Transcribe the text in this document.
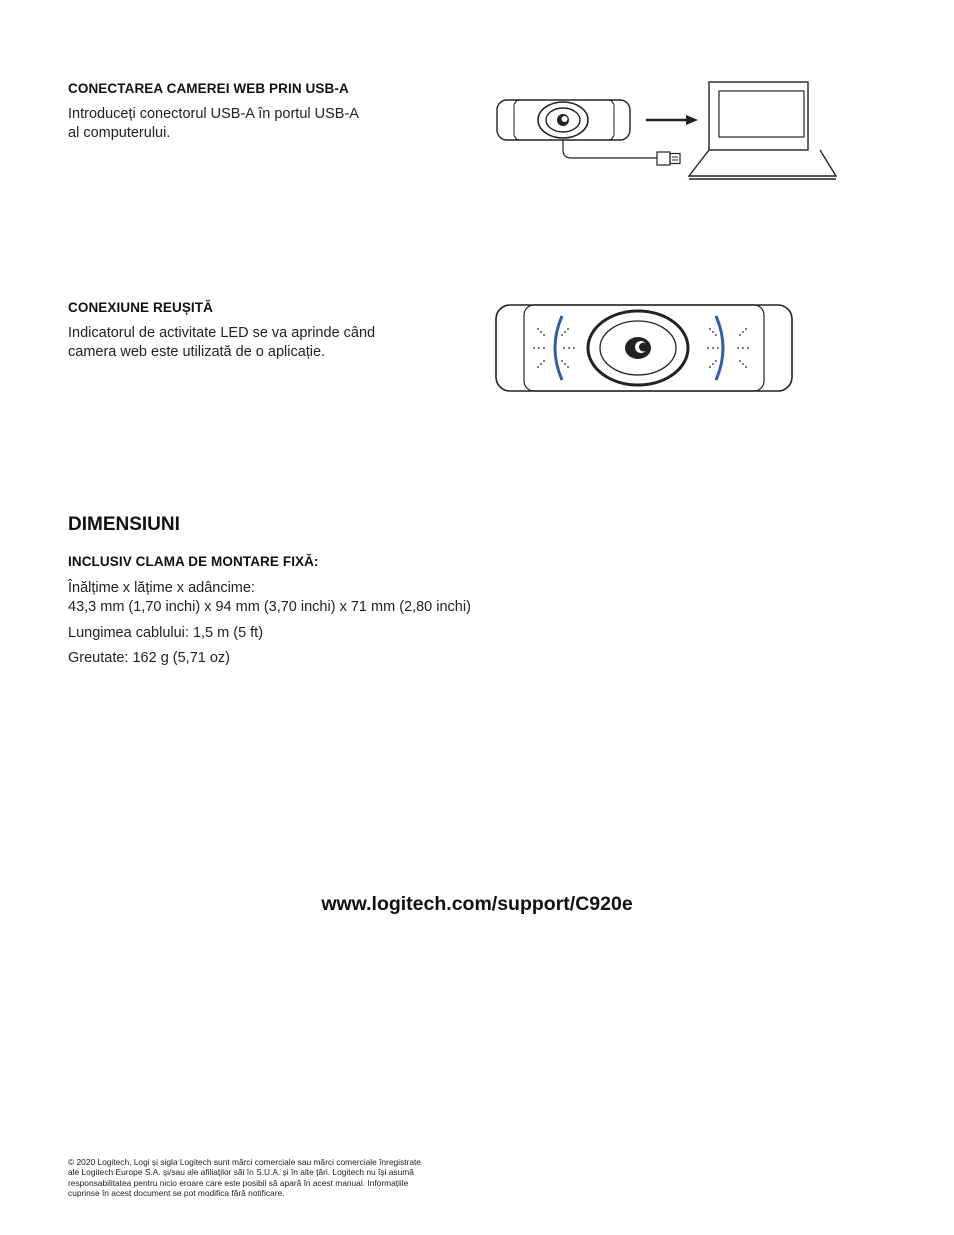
CONECTAREA CAMEREI WEB PRIN USB-A

Introduceți conectorul USB-A în portul USB-A
al computerului.

CONEXIUNE REUȘITĂ

Indicatorul de activitate LED se va aprinde când
camera web este utilizată de o aplicație.

DIMENSIUNI
INCLUSIV CLAMA DE MONTARE FIXĂ:

Înălțime x lățime x adâncime:

43,3 mm (1,70 inchi) x 94 mm (3,70 inchi) x 71 mm (2,80 inchi)

Lungimea cablului: 1,5 m (5 ft)

Greutate: 162 g (5,71 oz)

www.logitech.com/support/C920e

© 2020 Logitech, Logi și sigla Logitech sunt mărci comerciale sau mărci comerciale înregistrate
ale Logitech Europe S.A. și/sau ale afiliaților săi în S.U.A. și în alte țări. Logitech nu își asumă
responsabilitatea pentru nicio eroare care este posibil să apară în acest manual. Informațiile
cuprinse în acest document se pot modifica fără notificare.
